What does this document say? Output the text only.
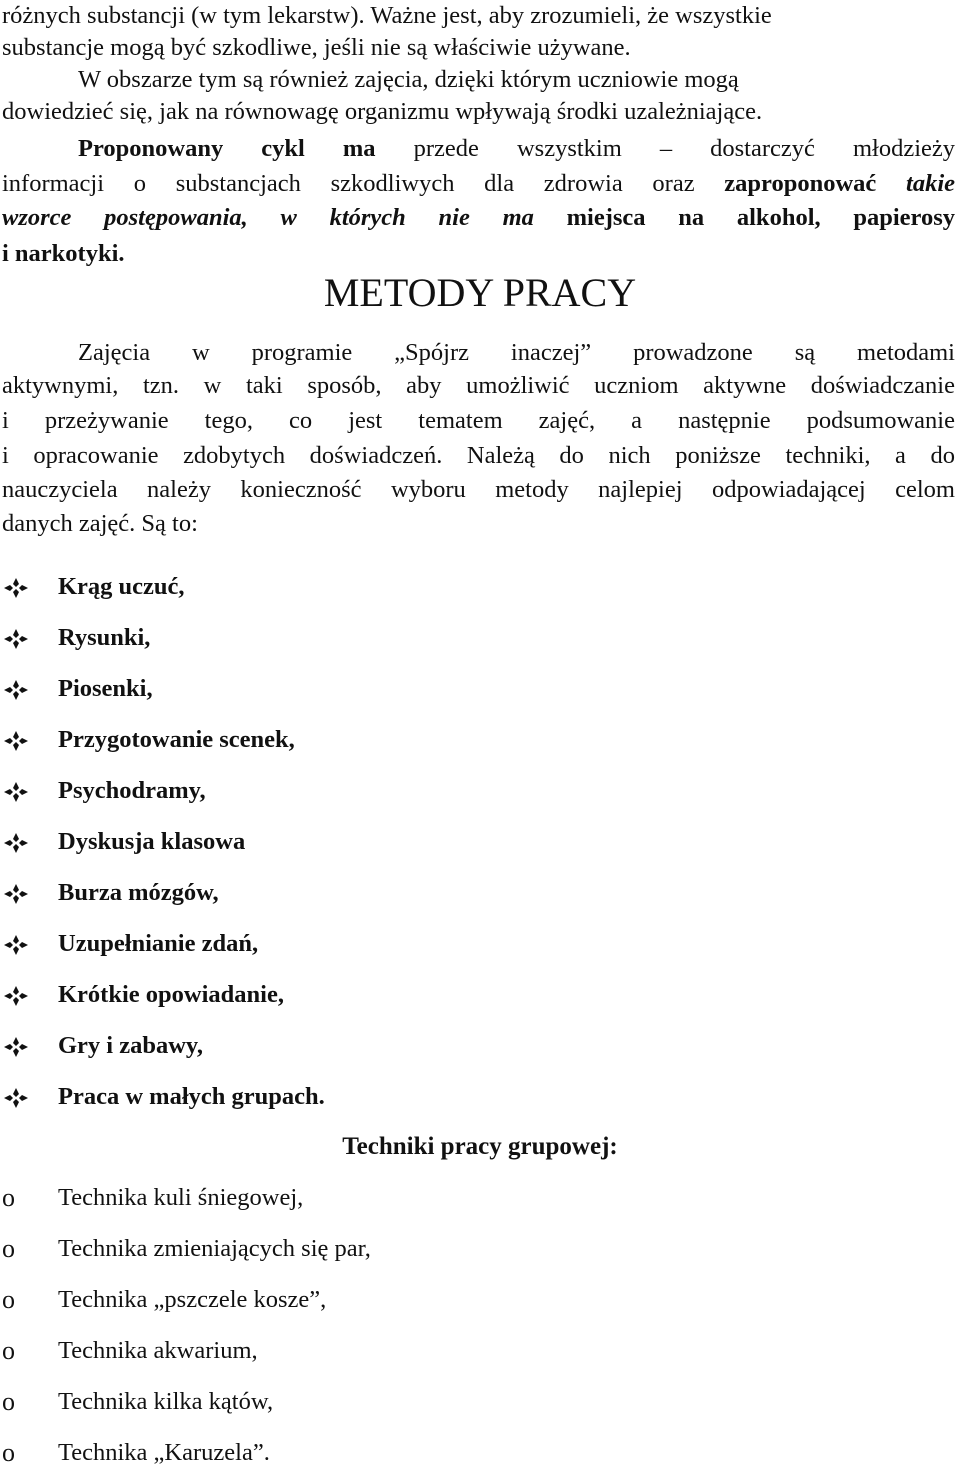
różnych substancji (w tym lekarstw). Ważne jest, aby zrozumieli, że wszystkie
substancje mogą być szkodliwe, jeśli nie są właściwie używane.
W obszarze tym są również zajęcia, dzięki którym uczniowie mogą
dowiedzieć się, jak na równowagę organizmu wpływają środki uzależniające.
Proponowany cykl ma przede wszystkim – dostarczyć młodzieży
informacji o substancjach szkodliwych dla zdrowia oraz zaproponować takie
wzorce postępowania, w których nie ma miejsca na alkohol, papierosy
i narkotyki.
METODY PRACY
Zajęcia w programie „Spójrz inaczej” prowadzone są metodami
aktywnymi, tzn. w taki sposób, aby umożliwić uczniom aktywne doświadczanie
i przeżywanie tego, co jest tematem zajęć, a następnie podsumowanie
i opracowanie zdobytych doświadczeń. Należą do nich poniższe techniki, a do
nauczyciela należy konieczność wyboru metody najlepiej odpowiadającej celom
danych zajęć. Są to:
Krąg uczuć,
Rysunki,
Piosenki,
Przygotowanie scenek,
Psychodramy,
Dyskusja klasowa
Burza mózgów,
Uzupełnianie zdań,
Krótkie opowiadanie,
Gry i zabawy,
Praca w małych grupach.
Techniki pracy grupowej:
o	Technika kuli śniegowej,
o	Technika zmieniających się par,
o	Technika „pszczele kosze”,
o	Technika akwarium,
o	Technika kilka kątów,
o	Technika „Karuzela”.
